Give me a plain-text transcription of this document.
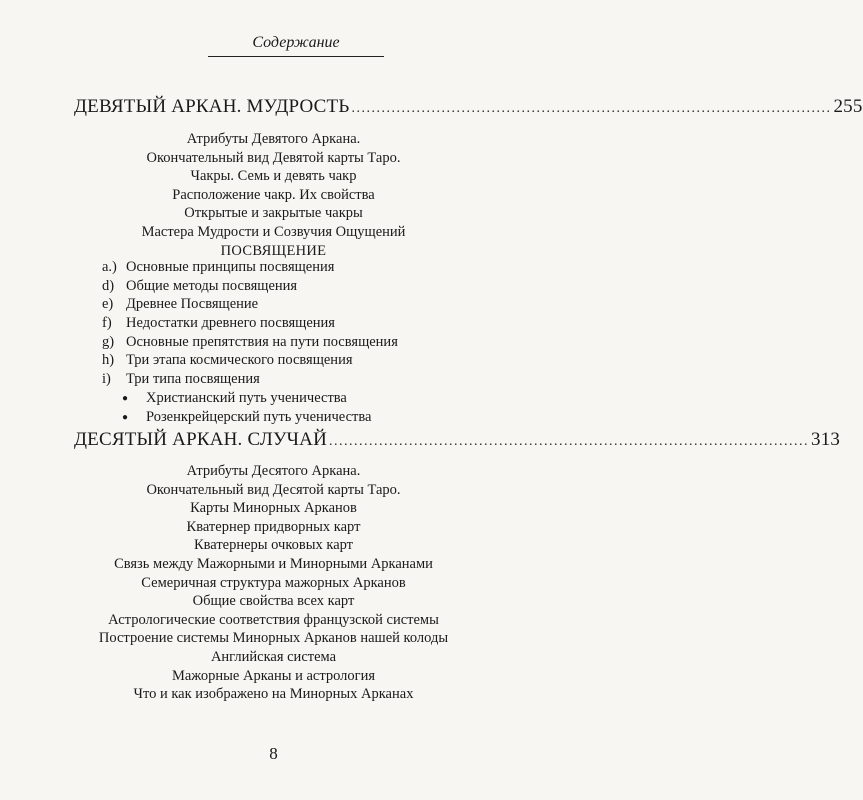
Содержание
ДЕВЯТЫЙ АРКАН. МУДРОСТЬ ................................................................................................ 255
Атрибуты Девятого Аркана.
Окончательный вид Девятой карты Таро.
Чакры. Семь и девять чакр
Расположение чакр. Их свойства
Открытые и закрытые чакры
Мастера Мудрости и Созвучия Ощущений
ПОСВЯЩЕНИЕ
a.) Основные принципы посвящения
d) Общие методы посвящения
e) Древнее Посвящение
f) Недостатки древнего посвящения
g) Основные препятствия на пути посвящения
h) Три этапа космического посвящения
i)	Три типа посвящения
●	Христианский путь ученичества
●	Розенкрейцерский путь ученичества
ДЕСЯТЫЙ АРКАН. СЛУЧАЙ ................................................................................................ 313
Атрибуты Десятого Аркана.
Окончательный вид Десятой карты Таро.
Карты Минорных Арканов
Кватернер придворных карт
Кватернеры очковых карт
Связь между Мажорными и Минорными Арканами
Семеричная структура мажорных Арканов
Общие свойства всех карт
Астрологические соответствия французской системы
Построение системы Минорных Арканов нашей колоды
Английская система
Мажорные Арканы и астрология
Что и как изображено на Минорных Арканах
8
